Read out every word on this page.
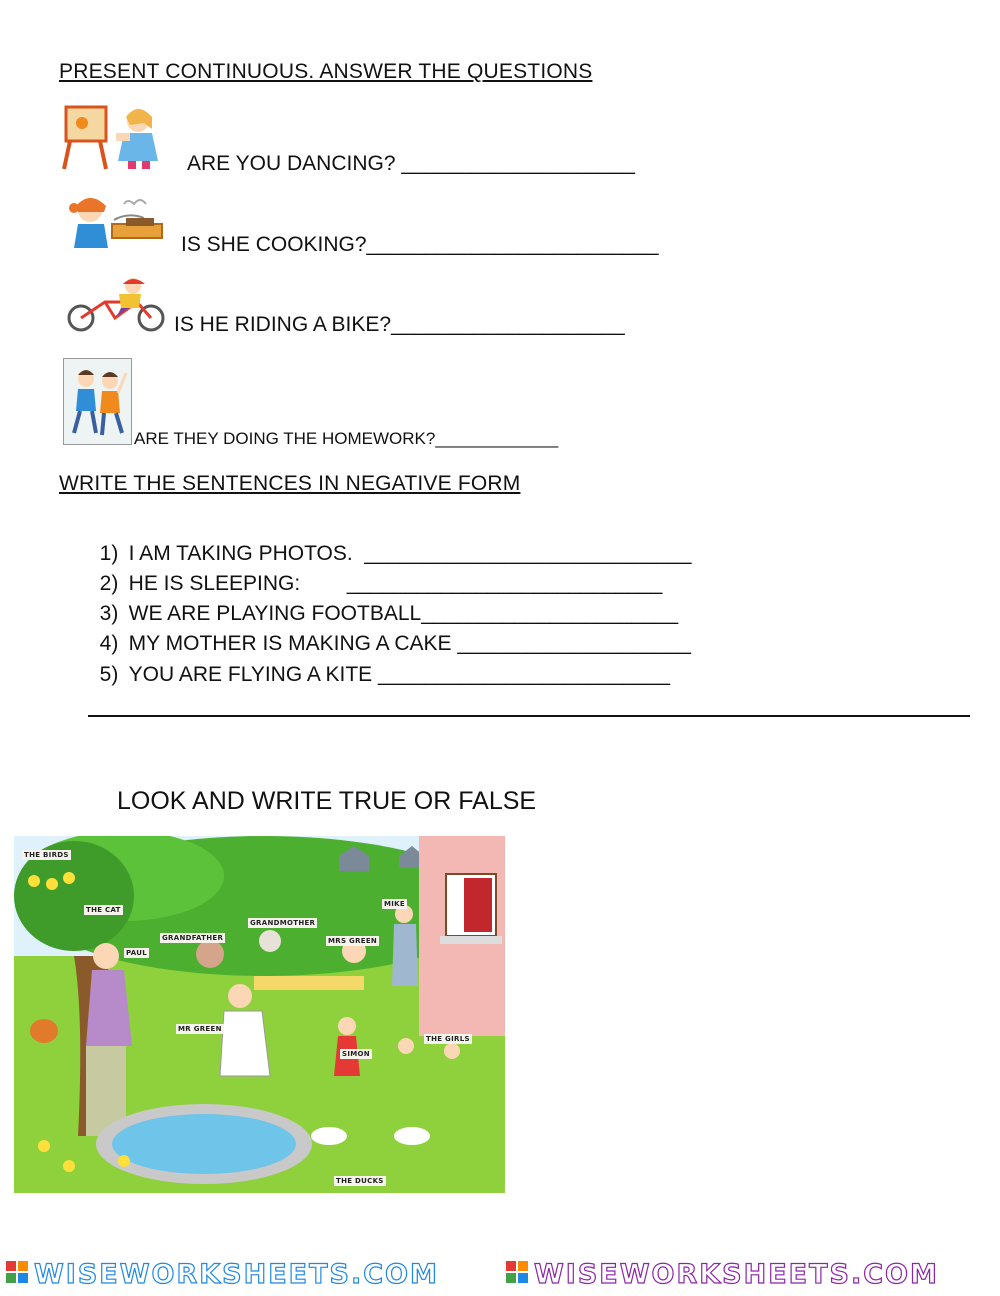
PRESENT CONTINUOUS. ANSWER THE QUESTIONS
ARE YOU DANCING? ____________________
IS SHE COOKING?_________________________
IS HE RIDING A BIKE?____________________
ARE THEY DOING THE HOMEWORK?_____________
WRITE THE SENTENCES IN NEGATIVE FORM

1) I AM TAKING PHOTOS.  ____________________________

2) HE IS SLEEPING:        ___________________________

3) WE ARE PLAYING FOOTBALL______________________

4) MY MOTHER IS MAKING A CAKE ____________________

5) YOU ARE FLYING A KITE _________________________

LOOK AND WRITE TRUE OR FALSE
THE BIRDS
THE CAT
MIKE
GRANDMOTHER
GRANDFATHER	MRS GREEN
PAUL
MR GREEN
SIMON
THE GIRLS
THE DUCKS
WISEWORKSHEETS.COM	WISEWORKSHEETS.COM
